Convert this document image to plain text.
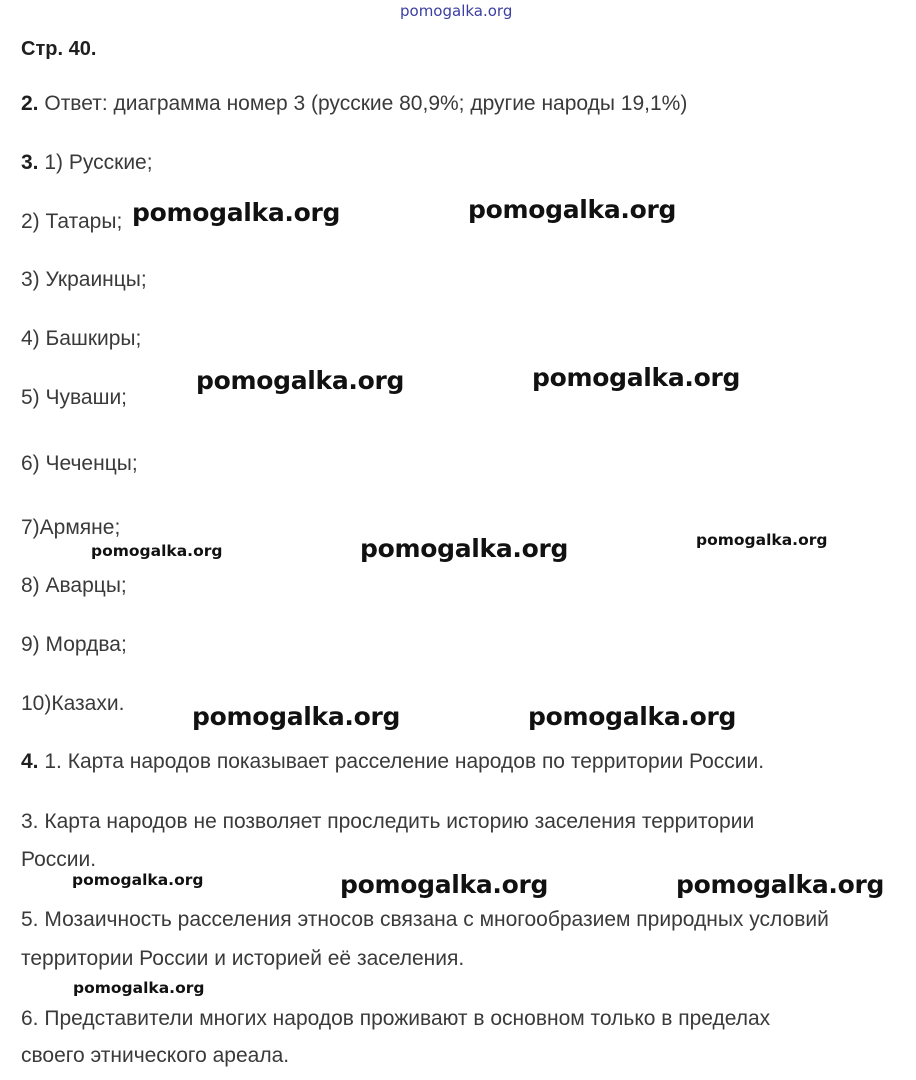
pomogalka.org
Стр. 40.
2. Ответ: диаграмма номер 3 (русские 80,9%; другие народы 19,1%)
3. 1) Русские;
2) Татары;
3) Украинцы;
4) Башкиры;
5) Чуваши;
6) Чеченцы;
7)Армяне;
8) Аварцы;
9) Мордва;
10)Казахи.
4. 1. Карта народов показывает расселение народов по территории России.
3. Карта народов не позволяет проследить историю заселения территории
России.
5. Мозаичность расселения этносов связана с многообразием природных условий
территории России и историей её заселения.
6. Представители многих народов проживают в основном только в пределах
своего этнического ареала.
pomogalka.org	pomogalka.org
pomogalka.org	pomogalka.org
pomogalka.org	pomogalka.org	pomogalka.org
pomogalka.org	pomogalka.org
pomogalka.org	pomogalka.org	pomogalka.org
pomogalka.org
